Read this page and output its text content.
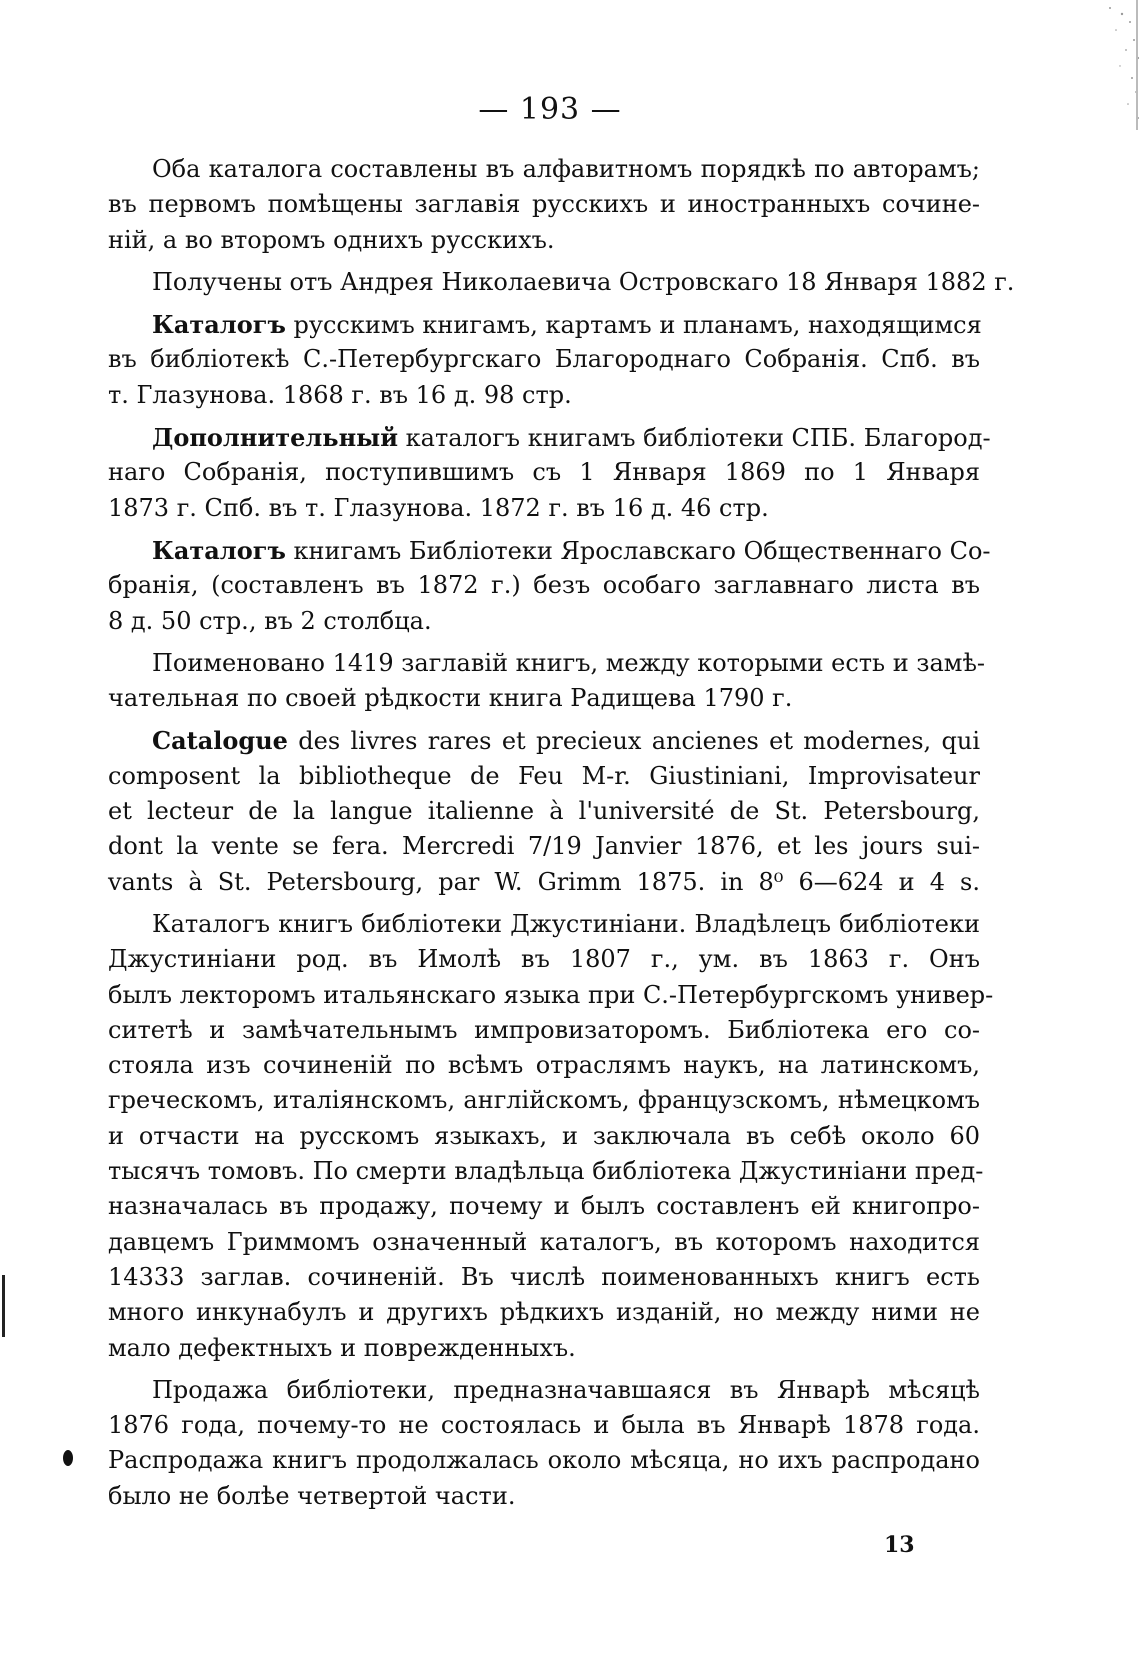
— 193 —
Оба каталога составлены въ алфавитномъ порядкѣ по авторамъ;
въ первомъ помѣщены заглавія русскихъ и иностранныхъ сочине-
ній, а во второмъ однихъ русскихъ.
Получены отъ Андрея Николаевича Островскаго 18 Января 1882 г.
Каталогъ русскимъ книгамъ, картамъ и планамъ, находящимся
въ библіотекѣ С.-Петербургскаго Благороднаго Собранія. Спб. въ
т. Глазунова. 1868 г. въ 16 д. 98 стр.
Дополнительный каталогъ книгамъ библіотеки СПБ. Благород-
наго Собранія, поступившимъ съ 1 Января 1869 по 1 Января
1873 г. Спб. въ т. Глазунова. 1872 г. въ 16 д. 46 стр.
Каталогъ книгамъ Библіотеки Ярославскаго Общественнаго Со-
бранія, (составленъ въ 1872 г.) безъ особаго заглавнаго листа въ
8 д. 50 стр., въ 2 столбца.
Поименовано 1419 заглавій книгъ, между которыми есть и замѣ-
чательная по своей рѣдкости книга Радищева 1790 г.
Catalogue des livres rares et precieux ancienes et modernes, qui
composent la bibliotheque de Feu M-r. Giustiniani, Improvisateur
et lecteur de la langue italienne à l'université de St. Petersbourg,
dont la vente se fera. Mercredi 7/19 Janvier 1876, et les jours sui-
vants à St. Petersbourg, par W. Grimm 1875. in 8⁰ 6—624 и 4 s.
Каталогъ книгъ библіотеки Джустиніани. Владѣлецъ библіотеки
Джустиніани род. въ Имолѣ въ 1807 г., ум. въ 1863 г. Онъ
былъ лекторомъ итальянскаго языка при С.-Петербургскомъ универ-
ситетѣ и замѣчательнымъ импровизаторомъ. Библіотека его со-
стояла изъ сочиненій по всѣмъ отраслямъ наукъ, на латинскомъ,
греческомъ, италіянскомъ, англійскомъ, французскомъ, нѣмецкомъ
и отчасти на русскомъ языкахъ, и заключала въ себѣ около 60
тысячъ томовъ. По смерти владѣльца библіотека Джустиніани пред-
назначалась въ продажу, почему и былъ составленъ ей книгопро-
давцемъ Гриммомъ означенный каталогъ, въ которомъ находится
14333 заглав. сочиненій. Въ числѣ поименованныхъ книгъ есть
много инкунабулъ и другихъ рѣдкихъ изданій, но между ними не
мало дефектныхъ и поврежденныхъ.
Продажа библіотеки, предназначавшаяся въ Январѣ мѣсяцѣ
1876 года, почему-то не состоялась и была въ Январѣ 1878 года.
Распродажа книгъ продолжалась около мѣсяца, но ихъ распродано
было не болѣе четвертой части.
13
